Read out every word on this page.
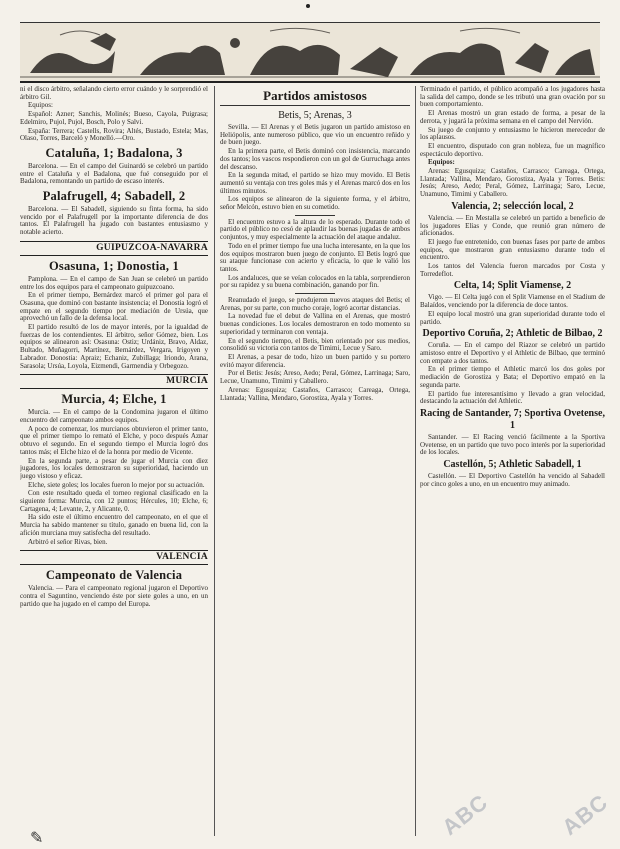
ni el disco árbitro, señalando cierto error cuándo y le sorprendió el árbitro Gil.

Equipos:

Español: Azner; Sanchis, Molinés; Bueso, Cayola, Puigrasa; Edelmiro, Pujol, Pujol, Bosch, Polo y Salvi.

España: Terrera; Castells, Rovira; Altés, Bustado, Estela; Mas, Olaso, Torres, Barceló y Monelló.—Oro.

Cataluña, 1; Badalona, 3

Barcelona. — En el campo del Guinardó se celebró un partido entre el Cataluña y el Badalona, que fué conseguido por el Badalona, remontando un partido de escaso interés.

Palafrugell, 4; Sabadell, 2

Barcelona. — El Sabadell, siguiendo su finta forma, ha sido vencido por el Palafrugell por la importante diferencia de dos tantos. El Palafrugell ha jugado con bastantes entusiasmo y notable acierto.

GUIPUZCOA-NAVARRA
Osasuna, 1; Donostia, 1

Pamplona. — En el campo de San Juan se celebró un partido entre los dos equipos para el campeonato guipuzcoano.

En el primer tiempo, Bernárdez marcó el primer gol para el Osasuna, que dominó con bastante insistencia; el Donostia logró el empate en el segundo tiempo por mediación de Ursúa, que aprovechó un fallo de la defensa local.

El partido resultó de los de mayor interés, por la igualdad de fuerzas de los contendientes. El árbitro, señor Gómez, bien. Los equipos se alinearon así: Osasuna: Ostiz; Urdániz, Bravo, Aldaz, Bultado, Muñagorri, Martínez, Bernárdez, Vergara, Irigoyen y Labrador. Donostia: Apraiz; Echaniz, Zubillaga; Iriondo, Arana, Sarasola; Ursúa, Loyola, Eizmendi, Garmendia y Orbegozo.

MURCIA
Murcia, 4; Elche, 1

Murcia. — En el campo de la Condomina jugaron el último encuentro del campeonato ambos equipos.

A poco de comenzar, los murcianos obtuvieron el primer tanto, que el primer tiempo lo remató el Elche, y poco después Aznar obtuvo el segundo. En el segundo tiempo el Murcia logró dos tantos más; el Elche hizo el de la honra por medio de Vicente.

En la segunda parte, a pesar de jugar el Murcia con diez jugadores, los locales demostraron su superioridad, haciendo un juego vistoso y eficaz.

Elche, siete goles; los locales fueron lo mejor por su actuación.

Con este resultado queda el torneo regional clasificado en la siguiente forma: Murcia, con 12 puntos; Hércules, 10; Elche, 6; Cartagena, 4; Levante, 2, y Alicante, 0.

Ha sido este el último encuentro del campeonato, en el que el Murcia ha sabido mantener su título, ganado en buena lid, con la afición murciana muy satisfecha del resultado.

Arbitró el señor Rivas, bien.

VALENCIA
Campeonato de Valencia

Valencia. — Para el campeonato regional jugaron el Deportivo contra el Saguntino, venciendo éste por siete goles a uno, en un partido que ha jugado en el campo del Europa.

Partidos amistosos
Betis, 5; Arenas, 3

Sevilla. — El Arenas y el Betis jugaron un partido amistoso en Heliópolis, ante numeroso público, que vio un encuentro reñido y de buen juego.

En la primera parte, el Betis dominó con insistencia, marcando dos tantos; los vascos respondieron con un gol de Gurruchaga antes del descanso.

En la segunda mitad, el partido se hizo muy movido. El Betis aumentó su ventaja con tres goles más y el Arenas marcó dos en los últimos minutos.

Los equipos se alinearon de la siguiente forma, y el árbitro, señor Melcón, estuvo bien en su cometido.

El encuentro estuvo a la altura de lo esperado. Durante todo el partido el público no cesó de aplaudir las buenas jugadas de ambos conjuntos, y muy especialmente la actuación del ataque andaluz.

Todo en el primer tiempo fue una lucha interesante, en la que los dos equipos mostraron buen juego de conjunto. El Betis logró que su ataque funcionase con acierto y eficacia, lo que le valió los tantos.

Los andaluces, que se veían colocados en la tabla, sorprendieron por su rapidez y su buena combinación, ganando por fin.

Reanudado el juego, se produjeron nuevos ataques del Betis; el Arenas, por su parte, con mucho coraje, logró acortar distancias.

La novedad fue el debut de Vallina en el Arenas, que mostró buenas condiciones. Los locales demostraron en todo momento su superioridad y terminaron con ventaja.

En el segundo tiempo, el Betis, bien orientado por sus medios, consolidó su victoria con tantos de Timimi, Lecue y Saro.

El Arenas, a pesar de todo, hizo un buen partido y su portero evitó mayor diferencia.

Por el Betis: Jesús; Areso, Aedo; Peral, Gómez, Larrinaga; Saro, Lecue, Unamuno, Timimi y Caballero.

Arenas: Egusquiza; Castaños, Carrasco; Careaga, Ortega, Llantada; Vallina, Mendaro, Gorostiza, Ayala y Torres.

Terminado el partido, el público acompañó a los jugadores hasta la salida del campo, donde se les tributó una gran ovación por su buen comportamiento.

El Arenas mostró un gran estado de forma, a pesar de la derrota, y jugará la próxima semana en el campo del Nervión.

Su juego de conjunto y entusiasmo le hicieron merecedor de los aplausos.

El encuentro, disputado con gran nobleza, fue un magnífico espectáculo deportivo.

Equipos:

Arenas: Egusquiza; Castaños, Carrasco; Careaga, Ortega, Llantada; Vallina, Mendaro, Gorostiza, Ayala y Torres. Betis: Jesús; Areso, Aedo; Peral, Gómez, Larrinaga; Saro, Lecue, Unamuno, Timimi y Caballero.

Valencia, 2; selección local, 2

Valencia. — En Mestalla se celebró un partido a beneficio de los jugadores Elías y Conde, que reunió gran número de aficionados.

El juego fue entretenido, con buenas fases por parte de ambos equipos, que mostraron gran entusiasmo durante todo el encuentro.

Los tantos del Valencia fueron marcados por Costa y Torredeflot.

Celta, 14; Split Viamense, 2

Vigo. — El Celta jugó con el Split Viamense en el Stadium de Balaídos, venciendo por la diferencia de doce tantos.

El equipo local mostró una gran superioridad durante todo el partido.

Deportivo Coruña, 2; Athletic de Bilbao, 2

Coruña. — En el campo del Riazor se celebró un partido amistoso entre el Deportivo y el Athletic de Bilbao, que terminó con empate a dos tantos.

En el primer tiempo el Athletic marcó los dos goles por mediación de Gorostiza y Bata; el Deportivo empató en la segunda parte.

El partido fue interesantísimo y llevado a gran velocidad, destacando la actuación del Athletic.

Racing de Santander, 7; Sportiva Ovetense, 1

Santander. — El Racing venció fácilmente a la Sportiva Ovetense, en un partido que tuvo poco interés por la superioridad de los locales.

Castellón, 5; Athletic Sabadell, 1

Castellón. — El Deportivo Castellón ha vencido al Sabadell por cinco goles a uno, en un encuentro muy animado.

ABC	ABC
✎
